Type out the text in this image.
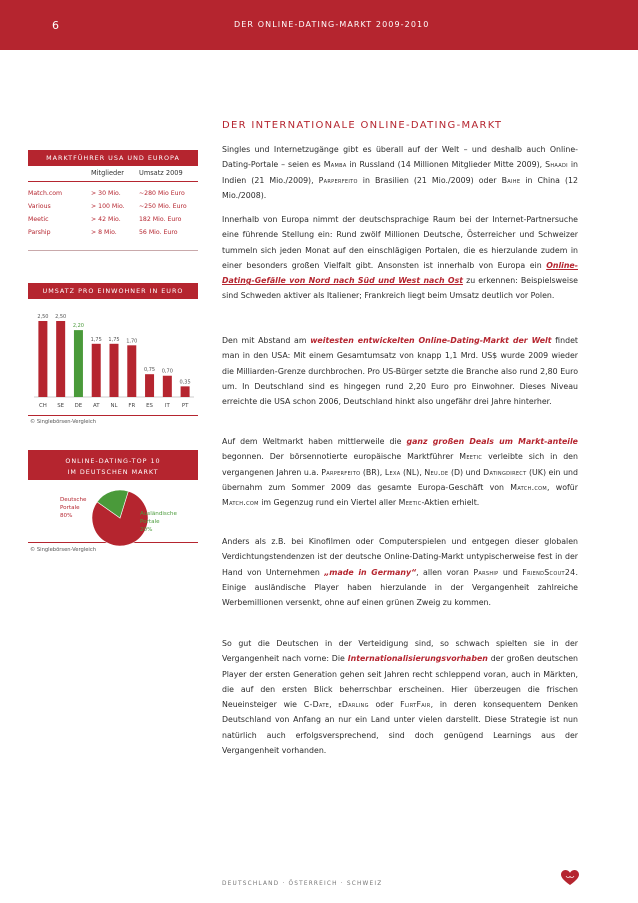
6	DER ONLINE-DATING-MARKT 2009-2010
MARKTFÜHRER USA UND EUROPA
Mitglieder Umsatz 2009
Match.com	> 30 Mio.	~280 Mio Euro
Various	> 100 Mio. ~250 Mio. Euro
Meetic	> 42 Mio.	182 Mio. Euro
Parship	> 8 Mio.	56 Mio. Euro
UMSATZ PRO EINWOHNER IN EURO
2,50
CH
2,50
SE
2,20
DE
1,75
AT
1,75
NL
1,70
FR
0,75
ES
0,70
IT
0,35
PT
© Singlebörsen-Vergleich
ONLINE-DATING-TOP 10
IM DEUTSCHEN MARKT
Deutsche
Portale
80%	Ausländische
Portale
20%
© Singlebörsen-Vergleich
DER INTERNATIONALE ONLINE-DATING-MARKT

Singles und Internetzugänge gibt es überall auf der Welt – und deshalb auch Online-Dating-Portale – seien es Mamba in Russland (14 Millionen Mitglieder Mitte 2009), Shaadi in Indien (21 Mio./2009), Parperfeito in Brasilien (21 Mio./2009) oder Baihe in China (12 Mio./2008).

Innerhalb von Europa nimmt der deutschsprachige Raum bei der Internet-Partnersuche eine führende Stellung ein: Rund zwölf Millionen Deutsche, Österreicher und Schweizer tummeln sich jeden Monat auf den einschlägigen Portalen, die es hierzulande zudem in einer besonders großen Vielfalt gibt. Ansonsten ist innerhalb von Europa ein Online-Dating-Gefälle von Nord nach Süd und West nach Ost zu erkennen: Beispielsweise sind Schweden aktiver als Italiener; Frankreich liegt beim Umsatz deutlich vor Polen.

Den mit Abstand am weitesten entwickelten Online-Dating-Markt der Welt findet man in den USA: Mit einem Gesamtumsatz von knapp 1,1 Mrd. US$ wurde 2009 wieder die Milliarden-Grenze durchbrochen. Pro US-Bürger setzte die Branche also rund 2,80 Euro um. In Deutschland sind es hingegen rund 2,20 Euro pro Einwohner. Dieses Niveau erreichte die USA schon 2006, Deutschland hinkt also ungefähr drei Jahre hinterher.

Auf dem Weltmarkt haben mittlerweile die ganz großen Deals um Markt-anteile begonnen. Der börsennotierte europäische Marktführer Meetic verleibte sich in den vergangenen Jahren u.a. Parperfeito (BR), Lexa (NL), Neu.de (D) und Datingdirect (UK) ein und übernahm zum Sommer 2009 das gesamte Europa-Geschäft von Match.com, wofür Match.com im Gegenzug rund ein Viertel aller Meetic-Aktien erhielt.

Anders als z.B. bei Kinofilmen oder Computerspielen und entgegen dieser globalen Verdichtungstendenzen ist der deutsche Online-Dating-Markt untypischerweise fest in der Hand von Unternehmen „made in Germany“, allen voran Parship und FriendScout24. Einige ausländische Player haben hierzulande in der Vergangenheit zahlreiche Werbemillionen versenkt, ohne auf einen grünen Zweig zu kommen.

So gut die Deutschen in der Verteidigung sind, so schwach spielten sie in der Vergangenheit nach vorne: Die Internationalisierungsvorhaben der großen deutschen Player der ersten Generation gehen seit Jahren recht schleppend voran, auch in Märkten, die auf den ersten Blick beherrschbar erscheinen. Hier überzeugen die frischen Neueinsteiger wie C-Date, eDarling oder FlirtFair, in deren konsequentem Denken Deutschland von Anfang an nur ein Land unter vielen darstellt. Diese Strategie ist nun natürlich auch erfolgsversprechend, sind doch genügend Learnings aus der Vergangenheit vorhanden.

DEUTSCHLAND · ÖSTERREICH · SCHWEIZ
